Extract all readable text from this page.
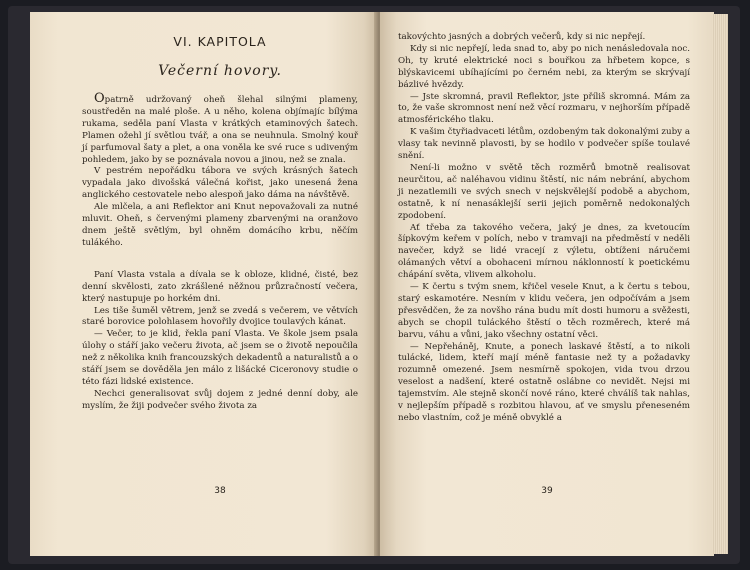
VI. KAPITOLA
Večerní hovory.

Opatrně udržovaný oheň šlehal silnými plameny, soustředěn na malé ploše. A u něho, kolena objímajíc bílýma rukama, seděla paní Vlasta v krátkých etaminových šatech. Plamen ožehl jí světlou tvář, a ona se neuhnula. Smolný kouř jí parfumoval šaty a plet, a ona voněla ke své ruce s udiveným pohledem, jako by se poznávala novou a jinou, než se znala.

V pestrém nepořádku tábora ve svých krásných šatech vypadala jako divošská válečná kořist, jako unesená žena anglického cestovatele nebo alespoň jako dáma na návštěvě.

Ale mlčela, a ani Reflektor ani Knut nepovažovali za nutné mluvit. Oheň, s červenými plameny zbarvenými na oranžovo dnem ještě světlým, byl ohněm domácího krbu, něčím tulákého.

Paní Vlasta vstala a dívala se k obloze, klidné, čisté, bez denní skvělosti, zato zkrášlené něžnou průzračností večera, který nastupuje po horkém dni.

Les tiše šuměl větrem, jenž se zvedá s večerem, ve větvích staré borovice polohlasem hovořily dvojice toulavých kánat.

— Večer, to je klid, řekla paní Vlasta. Ve škole jsem psala úlohy o stáří jako večeru života, ač jsem se o životě nepoučila než z několika knih francouzských dekadentů a naturalistů a o stáří jsem se dověděla jen málo z lišácké Ciceronovy studie o této fázi lidské existence.

Nechci generalisovat svůj dojem z jedné denní doby, ale myslím, že žiji podvečer svého života za

38

takovýchto jasných a dobrých večerů, kdy si nic nepřejí.

Kdy si nic nepřejí, leda snad to, aby po nich nenásledovala noc. Oh, ty kruté elektrické noci s bouřkou za hřbetem kopce, s blýskavicemi ubíhajícími po černém nebi, za kterým se skrývají bázlivé hvězdy.

— Jste skromná, pravil Reflektor, jste příliš skromná. Mám za to, že vaše skromnost není než věcí rozmaru, v nejhorším případě atmosférického tlaku.

K vašim čtyřiadvaceti létům, ozdobeným tak dokonalými zuby a vlasy tak nevinně plavosti, by se hodilo v podvečer spíše toulavé snění.

Není-li možno v světě těch rozměrů bmotně realisovat neurčitou, ač naléhavou vidinu štěstí, nic nám nebrání, abychom ji nezatlemili ve svých snech v nejskvělejší podobě a abychom, ostatně, k ní nenasáklejší serii jejich poměrně nedokonalých zpodobení.

Ať třeba za takového večera, jaký je dnes, za kvetoucím šípkovým keřem v polích, nebo v tramvaji na předměstí v neděli navečer, když se lidé vracejí z výletu, obtíženi náručemi olámaných větví a obohaceni mírnou náklonností k poetickému chápání světa, vlivem alkoholu.

— K čertu s tvým snem, křičel vesele Knut, a k čertu s tebou, starý eskamotére. Nesním v klidu večera, jen odpočívám a jsem přesvědčen, že za novšho rána budu mít dosti humoru a svěžesti, abych se chopil tuláckého štěstí o těch rozměrech, které má barvu, váhu a vůni, jako všechny ostatní věci.

— Nepřeháněj, Knute, a ponech laskavé štěstí, a to nikoli tulácké, lidem, kteří mají méně fantasie než ty a požadavky rozumně omezené. Jsem nesmírně spokojen, vida tvou drzou veselost a nadšení, které ostatně oslábne co nevidět. Nejsi mi tajemstvím. Ale stejně skončí nové ráno, které chválíš tak nahlas, v nejlepším případě s rozbitou hlavou, ať ve smyslu přeneseném nebo vlastním, což je méně obvyklé a

39
